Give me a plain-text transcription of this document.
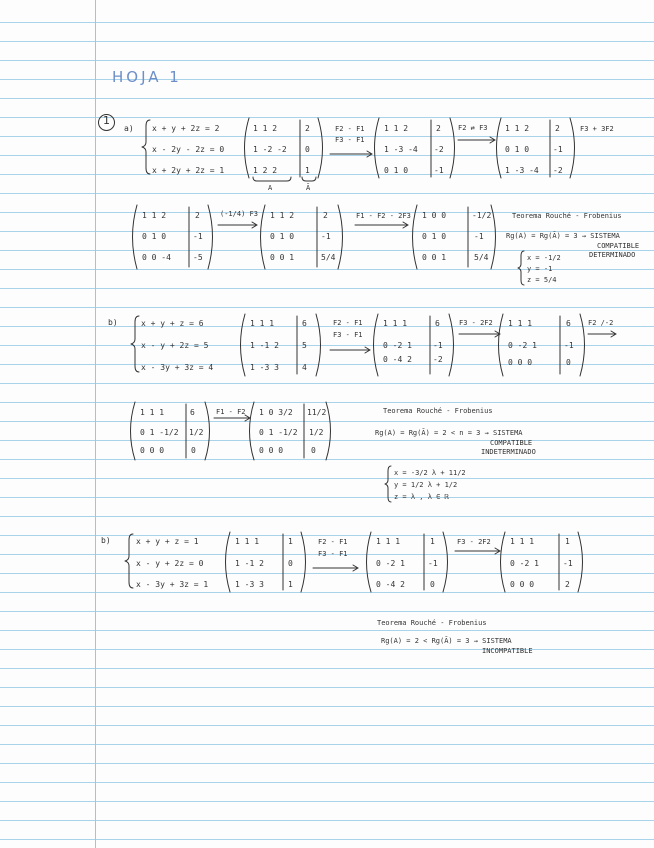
HOJA 1
1
a) x + y + 2z = 2
x - 2y - 2z = 0
x + 2y + 2z = 1
1 1 2	2
1 -2 -2 0
1 2 2	1
A	Ā
F2 - F1
F3 - F1
1 1 2	2
1 -3 -4 -2
0 1 0	-1
F2 ⇄ F3 1 1 2	2
0 1 0	-1
1 -3 -4 -2
F3 + 3F2
1 1 2	2
0 1 0	-1
0 0 -4	-5
(-1/4) F3 1 1 2	2
0 1 0	-1
0 0 1	5/4
F1 - F2 - 2F3 1 0 0	-1/2
0 1 0	-1
0 0 1	5/4
Teorema Rouché - Frobenius
Rg(A) = Rg(Ā) = 3 → SISTEMA
COMPATIBLE
DETERMINADO
x = -1/2
y = -1
z = 5/4
b)	x + y + z = 6
x - y + 2z = 5
x - 3y + 3z = 4
1 1 1	6
1 -1 2	5
1 -3 3	4
F2 - F1
F3 - F1
1 1 1	6
0 -2 1	-1
0 -4 2	-2
F3 - 2F2 1 1 1	6
0 -2 1	-1
0 0 0	0
F2 /-2
1 1 1	6
0 1 -1/2 1/2
0 0 0	0
F1 - F2 1 0 3/2 11/2
0 1 -1/2 1/2
0 0 0	0
Teorema Rouché - Frobenius
Rg(A) = Rg(Ā) = 2 < n = 3 → SISTEMA
COMPATIBLE
INDETERMINADO
x = -3/2 λ + 11/2
y = 1/2 λ + 1/2
z = λ , λ ∈ ℝ
b)	x + y + z = 1
x - y + 2z = 0
x - 3y + 3z = 1
1 1 1	1
1 -1 2	0
1 -3 3	1
F2 - F1
F3 - F1
1 1 1	1
0 -2 1	-1
0 -4 2	0
F3 - 2F2 1 1 1	1
0 -2 1	-1
0 0 0	2
Teorema Rouché - Frobenius
Rg(A) = 2 < Rg(Ā) = 3 → SISTEMA
INCOMPATIBLE
